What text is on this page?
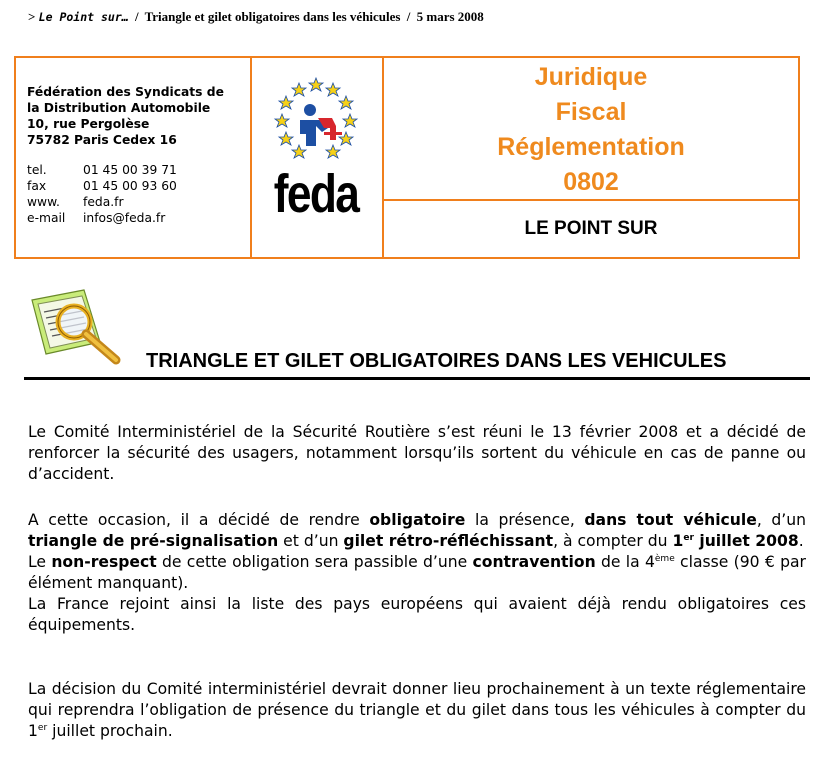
> Le Point sur… / Triangle et gilet obligatoires dans les véhicules / 5 mars 2008
Fédération des Syndicats de
la Distribution Automobile
10, rue Pergolèse
75782 Paris Cedex 16
tel.	01 45 00 39 71
fax	01 45 00 93 60
www.	feda.fr
e-mail	infos@feda.fr feda
Juridique
Fiscal
Réglementation
0802
LE POINT SUR
TRIANGLE ET GILET OBLIGATOIRES DANS LES VEHICULES

Le Comité Interministériel de la Sécurité Routière s’est réuni le 13 février 2008 et a décidé de renforcer la sécurité des usagers, notamment lorsqu’ils sortent du véhicule en cas de panne ou d’accident.

A cette occasion, il a décidé de rendre obligatoire la présence, dans tout véhicule, d’un triangle de pré-signalisation et d’un gilet rétro-réfléchissant, à compter du 1er juillet 2008.
Le non-respect de cette obligation sera passible d’une contravention de la 4ème classe (90 € par élément manquant).
La France rejoint ainsi la liste des pays européens qui avaient déjà rendu obligatoires ces équipements.

La décision du Comité interministériel devrait donner lieu prochainement à un texte réglementaire qui reprendra l’obligation de présence du triangle et du gilet dans tous les véhicules à compter du 1er juillet prochain.
